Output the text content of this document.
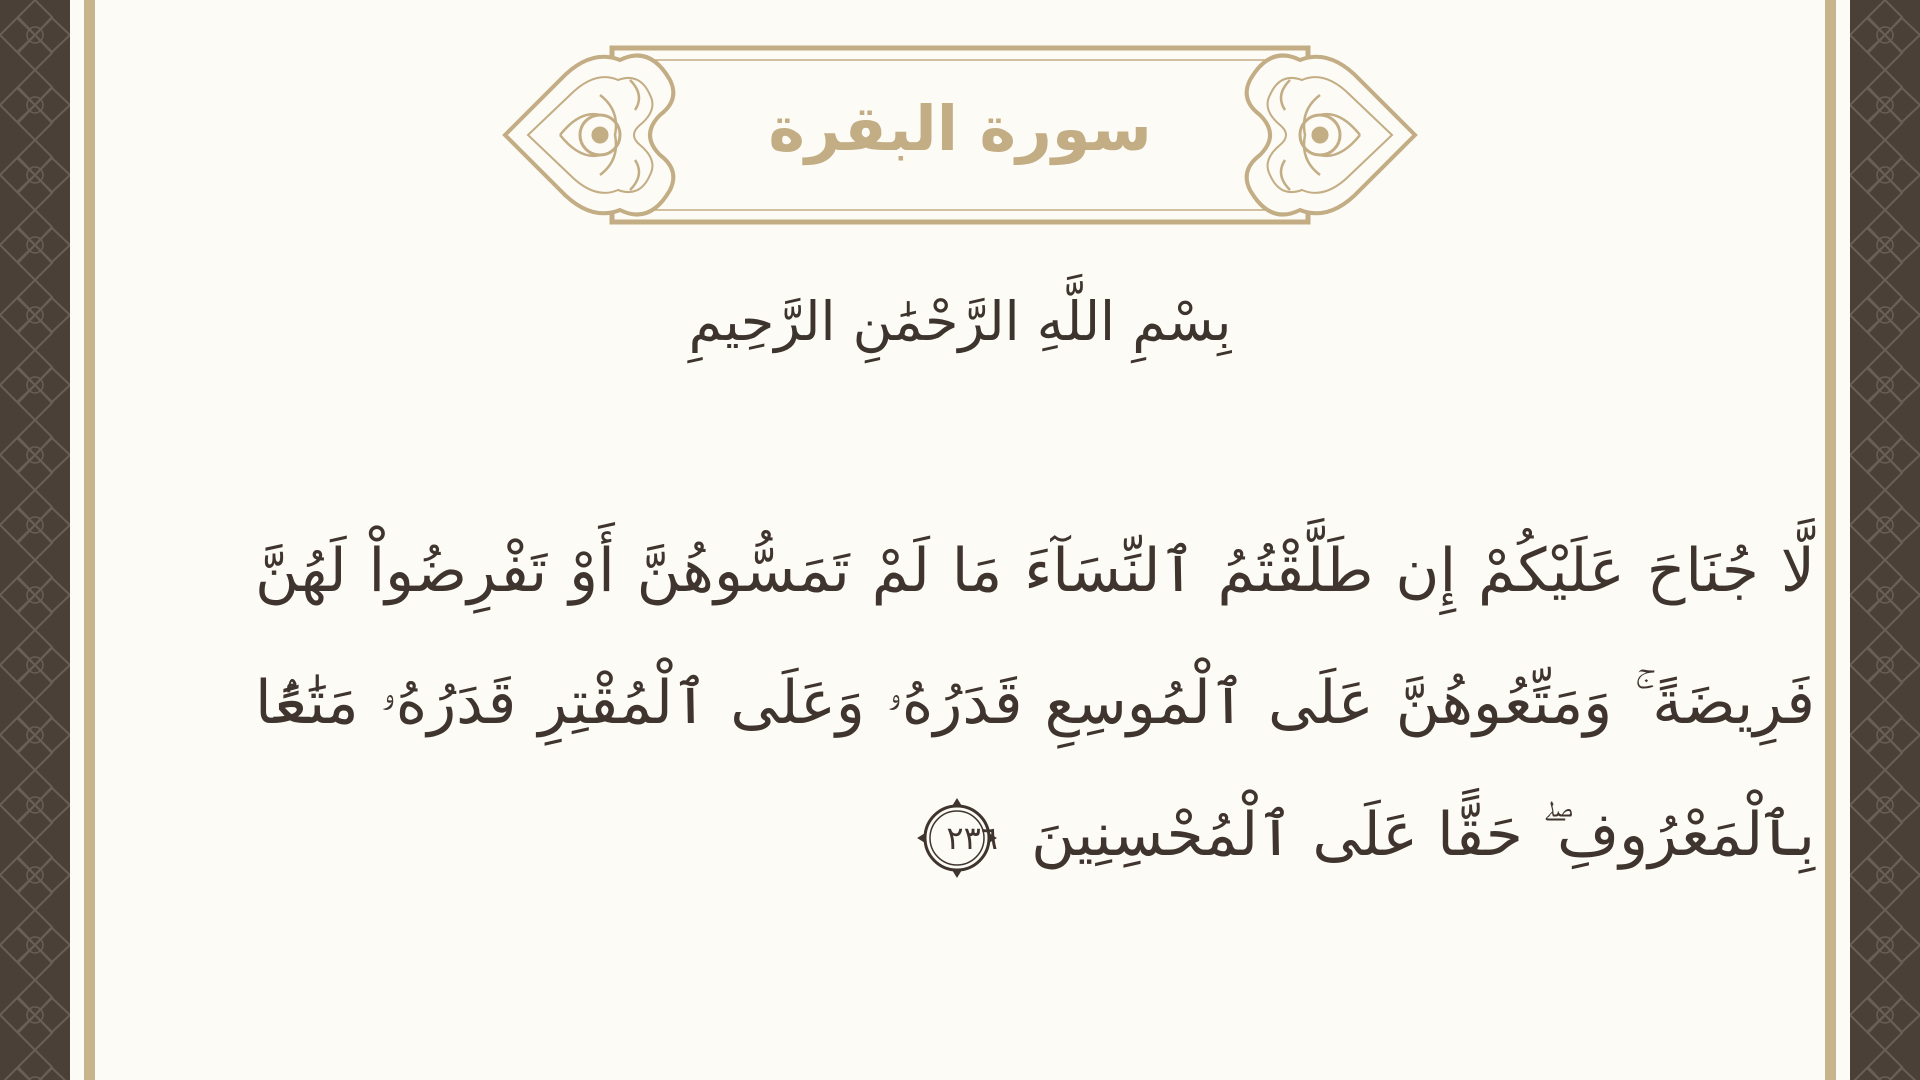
سورة البقرة
بِسْمِ اللَّهِ الرَّحْمَٰنِ الرَّحِيمِ
لَّا جُنَاحَ عَلَيْكُمْ إِن طَلَّقْتُمُ ٱلنِّسَآءَ مَا لَمْ تَمَسُّوهُنَّ أَوْ تَفْرِضُواْ لَهُنَّ فَرِيضَةً ۚ وَمَتِّعُوهُنَّ عَلَى ٱلْمُوسِعِ قَدَرُهُۥ وَعَلَى ٱلْمُقْتِرِ قَدَرُهُۥ مَتَٰعًۢا بِٱلْمَعْرُوفِ ۖ حَقًّا عَلَى ٱلْمُحْسِنِينَ
٢٣٦
